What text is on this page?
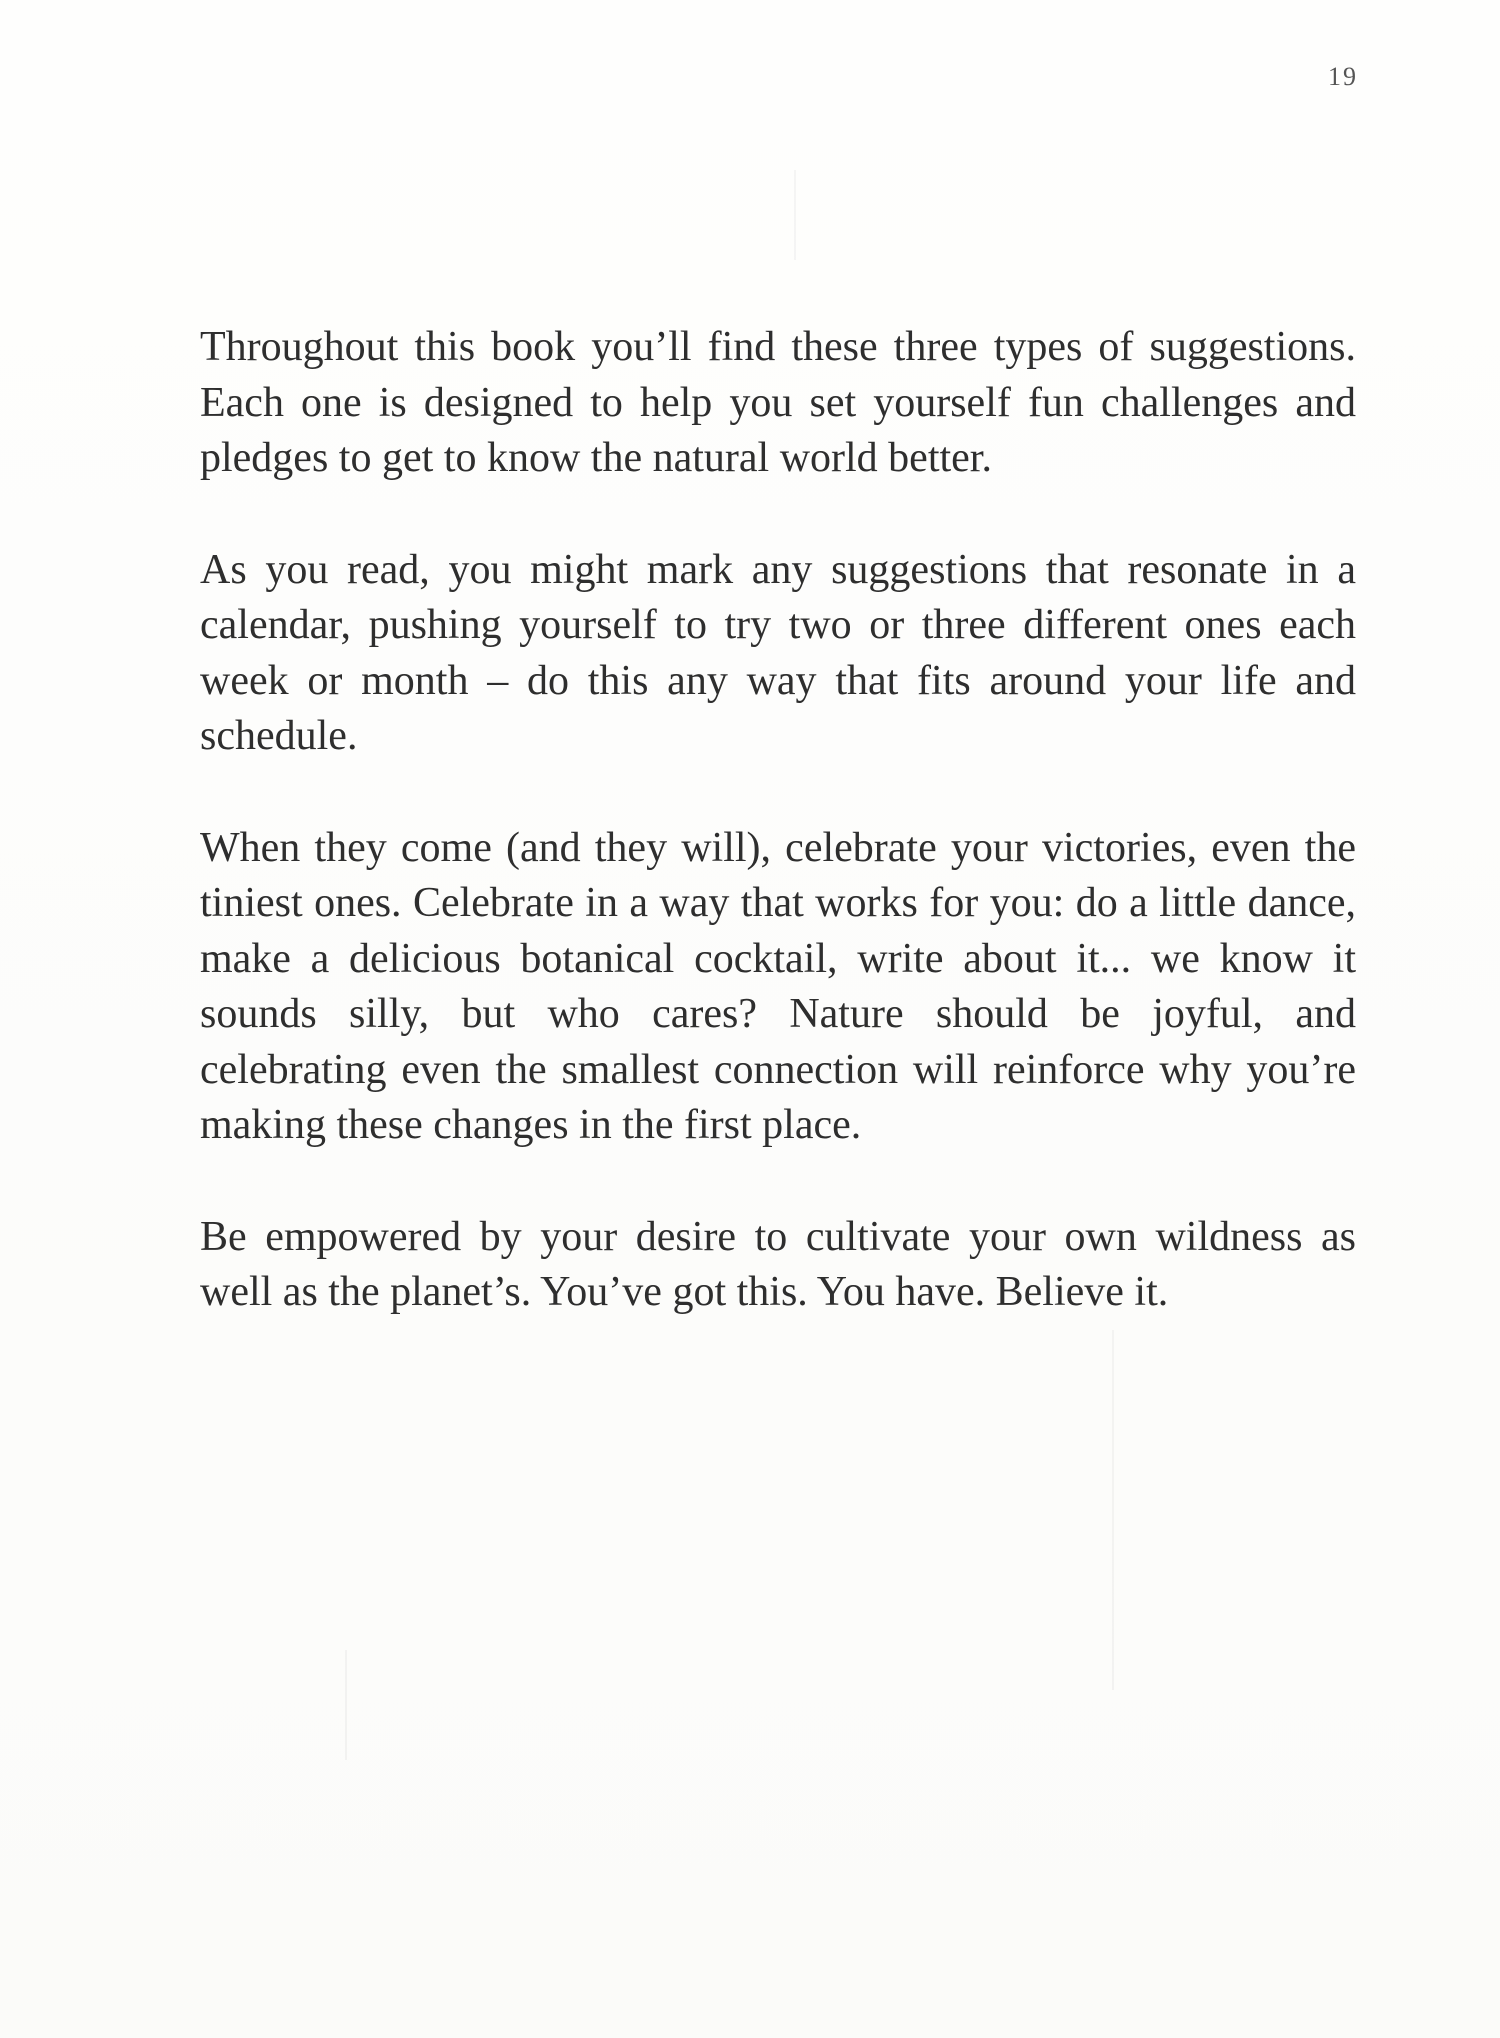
19

Throughout this book you’ll find these three types of suggestions. Each one is designed to help you set yourself fun challenges and pledges to get to know the natural world better.

As you read, you might mark any suggestions that resonate in a calendar, pushing yourself to try two or three different ones each week or month – do this any way that fits around your life and schedule.

When they come (and they will), celebrate your victories, even the tiniest ones. Celebrate in a way that works for you: do a little dance, make a delicious botanical cocktail, write about it... we know it sounds silly, but who cares? Nature should be joyful, and celebrating even the smallest connection will reinforce why you’re making these changes in the first place.

Be empowered by your desire to cultivate your own wildness as well as the planet’s. You’ve got this. You have. Believe it.
